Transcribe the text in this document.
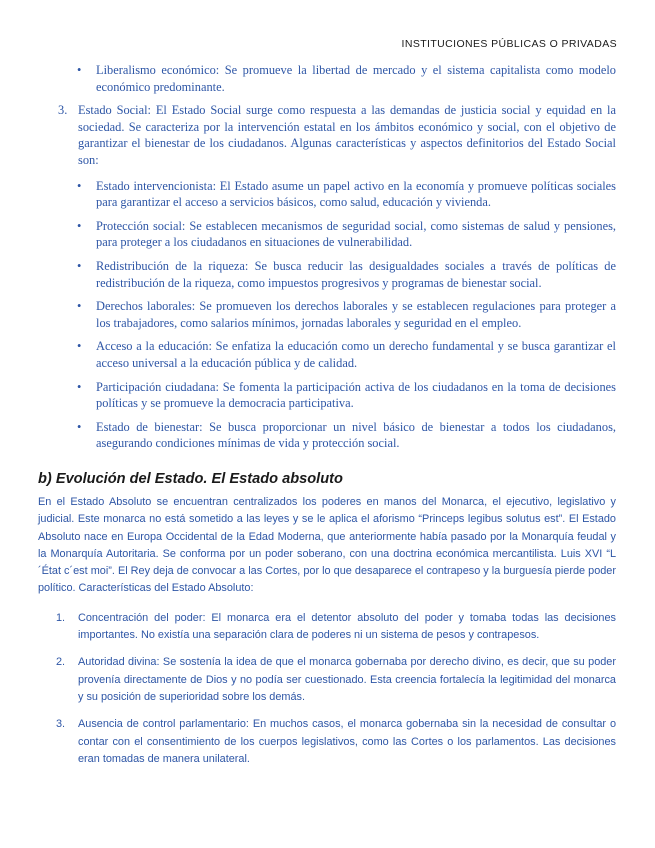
INSTITUCIONES PÚBLICAS O PRIVADAS
• Liberalismo económico: Se promueve la libertad de mercado y el sistema capitalista como modelo económico predominante.
3. Estado Social: El Estado Social surge como respuesta a las demandas de justicia social y equidad en la sociedad. Se caracteriza por la intervención estatal en los ámbitos económico y social, con el objetivo de garantizar el bienestar de los ciudadanos. Algunas características y aspectos definitorios del Estado Social son:
• Estado intervencionista: El Estado asume un papel activo en la economía y promueve políticas sociales para garantizar el acceso a servicios básicos, como salud, educación y vivienda.
• Protección social: Se establecen mecanismos de seguridad social, como sistemas de salud y pensiones, para proteger a los ciudadanos en situaciones de vulnerabilidad.
• Redistribución de la riqueza: Se busca reducir las desigualdades sociales a través de políticas de redistribución de la riqueza, como impuestos progresivos y programas de bienestar social.
• Derechos laborales: Se promueven los derechos laborales y se establecen regulaciones para proteger a los trabajadores, como salarios mínimos, jornadas laborales y seguridad en el empleo.
• Acceso a la educación: Se enfatiza la educación como un derecho fundamental y se busca garantizar el acceso universal a la educación pública y de calidad.
• Participación ciudadana: Se fomenta la participación activa de los ciudadanos en la toma de decisiones políticas y se promueve la democracia participativa.
• Estado de bienestar: Se busca proporcionar un nivel básico de bienestar a todos los ciudadanos, asegurando condiciones mínimas de vida y protección social.
b) Evolución del Estado. El Estado absoluto

En el Estado Absoluto se encuentran centralizados los poderes en manos del Monarca, el ejecutivo, legislativo y judicial. Este monarca no está sometido a las leyes y se le aplica el aforismo “Princeps legibus solutus est”. El Estado Absoluto nace en Europa Occidental de la Edad Moderna, que anteriormente había pasado por la Monarquía feudal y la Monarquía Autoritaria. Se conforma por un poder soberano, con una doctrina económica mercantilista. Luis XVI “L´État c´est moi”. El Rey deja de convocar a las Cortes, por lo que desaparece el contrapeso y la burguesía pierde poder político. Características del Estado Absoluto:

1. Concentración del poder: El monarca era el detentor absoluto del poder y tomaba todas las decisiones importantes. No existía una separación clara de poderes ni un sistema de pesos y contrapesos.
2. Autoridad divina: Se sostenía la idea de que el monarca gobernaba por derecho divino, es decir, que su poder provenía directamente de Dios y no podía ser cuestionado. Esta creencia fortalecía la legitimidad del monarca y su posición de superioridad sobre los demás.
3. Ausencia de control parlamentario: En muchos casos, el monarca gobernaba sin la necesidad de consultar o contar con el consentimiento de los cuerpos legislativos, como las Cortes o los parlamentos. Las decisiones eran tomadas de manera unilateral.
